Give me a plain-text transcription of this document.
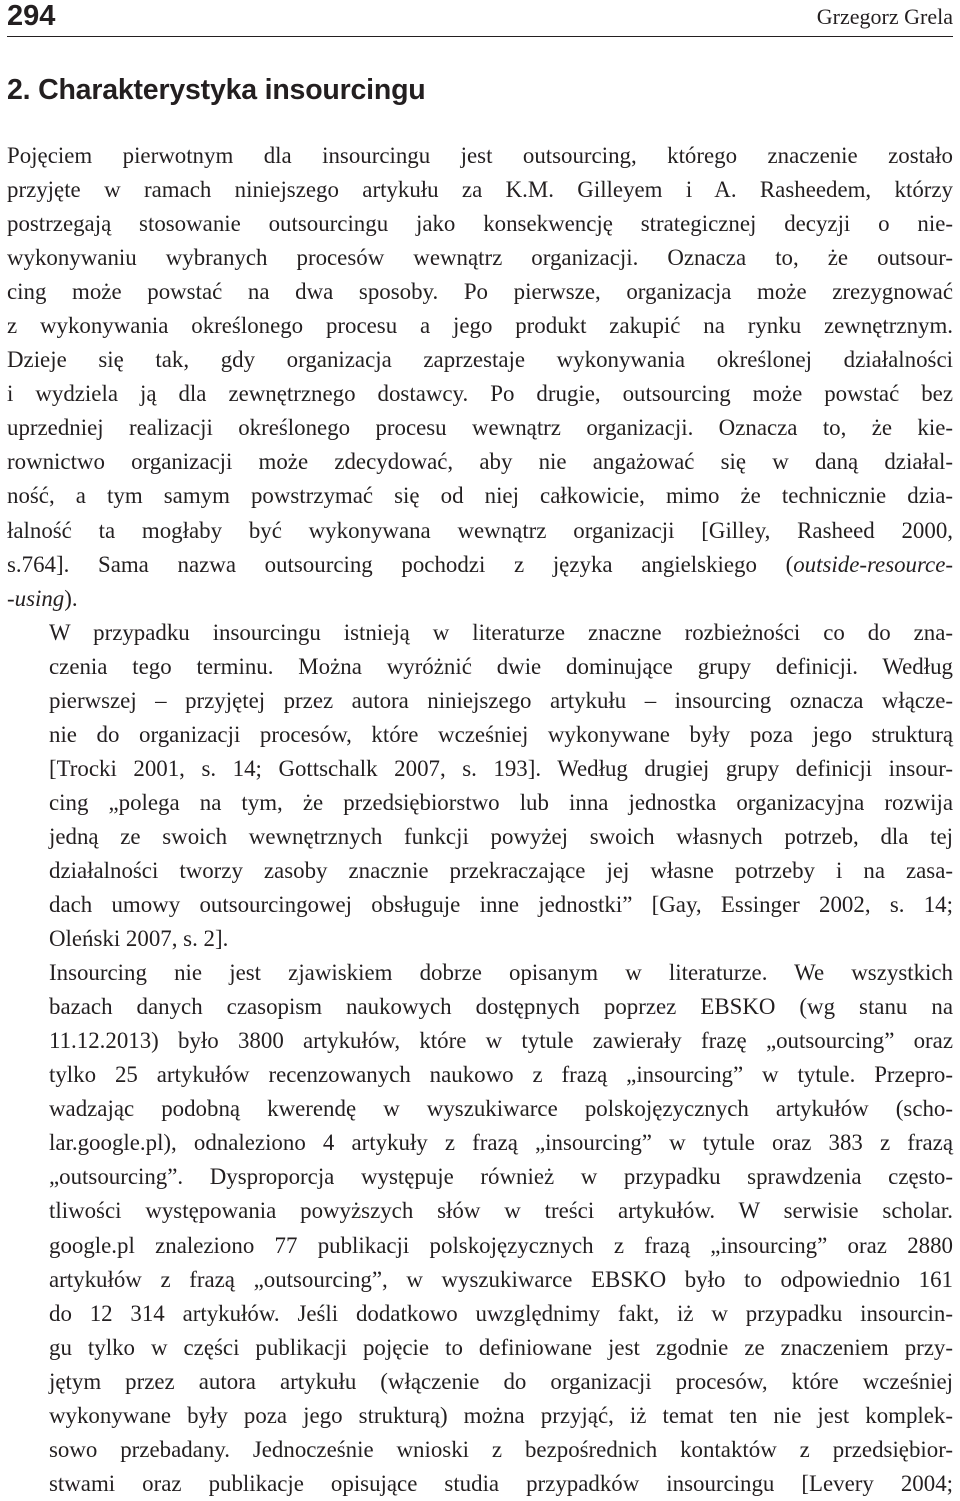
294	Grzegorz Grela
2. Charakterystyka insourcingu

Pojęciem pierwotnym dla insourcingu jest outsourcing, którego znaczenie zostało
przyjęte w ramach niniejszego artykułu za K.M. Gilleyem i A. Rasheedem, którzy
postrzegają stosowanie outsourcingu jako konsekwencję strategicznej decyzji o nie-
wykonywaniu wybranych procesów wewnątrz organizacji. Oznacza to, że outsour-
cing może powstać na dwa sposoby. Po pierwsze, organizacja może zrezygnować
z wykonywania określonego procesu a jego produkt zakupić na rynku zewnętrznym.
Dzieje się tak, gdy organizacja zaprzestaje wykonywania określonej działalności
i wydziela ją dla zewnętrznego dostawcy. Po drugie, outsourcing może powstać bez
uprzedniej realizacji określonego procesu wewnątrz organizacji. Oznacza to, że kie-
rownictwo organizacji może zdecydować, aby nie angażować się w daną działal-
ność, a tym samym powstrzymać się od niej całkowicie, mimo że technicznie dzia-
łalność ta mogłaby być wykonywana wewnątrz organizacji [Gilley, Rasheed 2000,
s.764]. Sama nazwa outsourcing pochodzi z języka angielskiego (outside-resource-
-using).

W przypadku insourcingu istnieją w literaturze znaczne rozbieżności co do zna-
czenia tego terminu. Można wyróżnić dwie dominujące grupy definicji. Według
pierwszej – przyjętej przez autora niniejszego artykułu – insourcing oznacza włącze-
nie do organizacji procesów, które wcześniej wykonywane były poza jego strukturą
[Trocki 2001, s. 14; Gottschalk 2007, s. 193]. Według drugiej grupy definicji insour-
cing „polega na tym, że przedsiębiorstwo lub inna jednostka organizacyjna rozwija
jedną ze swoich wewnętrznych funkcji powyżej swoich własnych potrzeb, dla tej
działalności tworzy zasoby znacznie przekraczające jej własne potrzeby i na zasa-
dach umowy outsourcingowej obsługuje inne jednostki” [Gay, Essinger 2002, s. 14;
Oleński 2007, s. 2].

Insourcing nie jest zjawiskiem dobrze opisanym w literaturze. We wszystkich
bazach danych czasopism naukowych dostępnych poprzez EBSKO (wg stanu na
11.12.2013) było 3800 artykułów, które w tytule zawierały frazę „outsourcing” oraz
tylko 25 artykułów recenzowanych naukowo z frazą „insourcing” w tytule. Przepro-
wadzając podobną kwerendę w wyszukiwarce polskojęzycznych artykułów (scho-
lar.google.pl), odnaleziono 4 artykuły z frazą „insourcing” w tytule oraz 383 z frazą
„outsourcing”. Dysproporcja występuje również w przypadku sprawdzenia często-
tliwości występowania powyższych słów w treści artykułów. W serwisie scholar.
google.pl znaleziono 77 publikacji polskojęzycznych z frazą „insourcing” oraz 2880
artykułów z frazą „outsourcing”, w wyszukiwarce EBSKO było to odpowiednio 161
do 12 314 artykułów. Jeśli dodatkowo uwzględnimy fakt, iż w przypadku insourcin-
gu tylko w części publikacji pojęcie to definiowane jest zgodnie ze znaczeniem przy-
jętym przez autora artykułu (włączenie do organizacji procesów, które wcześniej
wykonywane były poza jego strukturą) można przyjąć, iż temat ten nie jest komplek-
sowo przebadany. Jednocześnie wnioski z bezpośrednich kontaktów z przedsiębior-
stwami oraz publikacje opisujące studia przypadków insourcingu [Levery 2004;
